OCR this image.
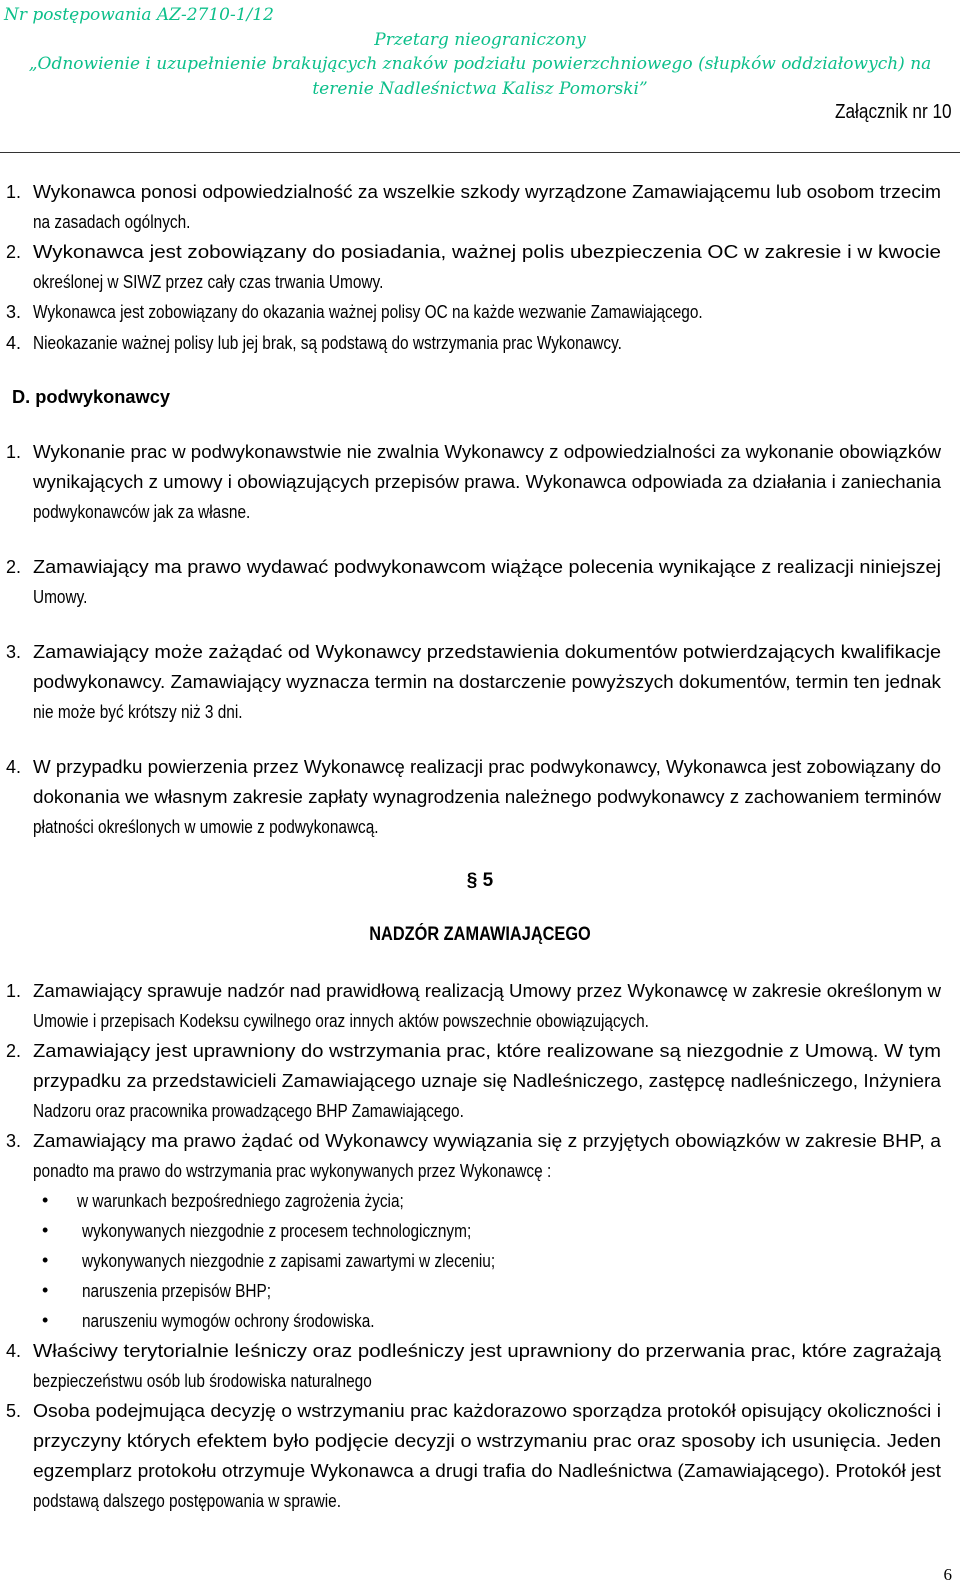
Nr postępowania AZ-2710-1/12
Przetarg nieograniczony
„Odnowienie i uzupełnienie brakujących znaków podziału powierzchniowego (słupków oddziałowych) na
terenie Nadleśnictwa Kalisz Pomorski”
Załącznik nr 10
1. Wykonawca ponosi odpowiedzialność za wszelkie szkody wyrządzone Zamawiającemu lub osobom trzecim
na zasadach ogólnych.
2. Wykonawca jest zobowiązany do posiadania, ważnej polis ubezpieczenia OC w zakresie i w kwocie
określonej w SIWZ przez cały czas trwania Umowy.
3. Wykonawca jest zobowiązany do okazania ważnej polisy OC na każde wezwanie Zamawiającego.
4. Nieokazanie ważnej polisy lub jej brak, są podstawą do wstrzymania prac Wykonawcy.
D. podwykonawcy
1. Wykonanie prac w podwykonawstwie nie zwalnia Wykonawcy z odpowiedzialności za wykonanie obowiązków
wynikających z umowy i obowiązujących przepisów prawa. Wykonawca odpowiada za działania i zaniechania
podwykonawców jak za własne.
2. Zamawiający ma prawo wydawać podwykonawcom wiążące polecenia wynikające z realizacji niniejszej
Umowy.
3. Zamawiający może zażądać od Wykonawcy przedstawienia dokumentów potwierdzających kwalifikacje
podwykonawcy. Zamawiający wyznacza termin na dostarczenie powyższych dokumentów, termin ten jednak
nie może być krótszy niż 3 dni.
4. W przypadku powierzenia przez Wykonawcę realizacji prac podwykonawcy, Wykonawca jest zobowiązany do
dokonania we własnym zakresie zapłaty wynagrodzenia należnego podwykonawcy z zachowaniem terminów
płatności określonych w umowie z podwykonawcą.
§ 5
NADZÓR ZAMAWIAJĄCEGO
1. Zamawiający sprawuje nadzór nad prawidłową realizacją Umowy przez Wykonawcę w zakresie określonym w
Umowie i przepisach Kodeksu cywilnego oraz innych aktów powszechnie obowiązujących.
2. Zamawiający jest uprawniony do wstrzymania prac, które realizowane są niezgodnie z Umową. W tym
przypadku za przedstawicieli Zamawiającego uznaje się Nadleśniczego, zastępcę nadleśniczego, Inżyniera
Nadzoru oraz pracownika prowadzącego BHP Zamawiającego.
3. Zamawiający ma prawo żądać od Wykonawcy wywiązania się z przyjętych obowiązków w zakresie BHP, a
ponadto ma prawo do wstrzymania prac wykonywanych przez Wykonawcę :
• w warunkach bezpośredniego zagrożenia życia;
• wykonywanych niezgodnie z procesem technologicznym;
• wykonywanych niezgodnie z zapisami zawartymi w zleceniu;
• naruszenia przepisów BHP;
• naruszeniu wymogów ochrony środowiska.
4. Właściwy terytorialnie leśniczy oraz podleśniczy jest uprawniony do przerwania prac, które zagrażają
bezpieczeństwu osób lub środowiska naturalnego
5. Osoba podejmująca decyzję o wstrzymaniu prac każdorazowo sporządza protokół opisujący okoliczności i
przyczyny których efektem było podjęcie decyzji o wstrzymaniu prac oraz sposoby ich usunięcia. Jeden
egzemplarz protokołu otrzymuje Wykonawca a drugi trafia do Nadleśnictwa (Zamawiającego). Protokół jest
podstawą dalszego postępowania w sprawie.
6
